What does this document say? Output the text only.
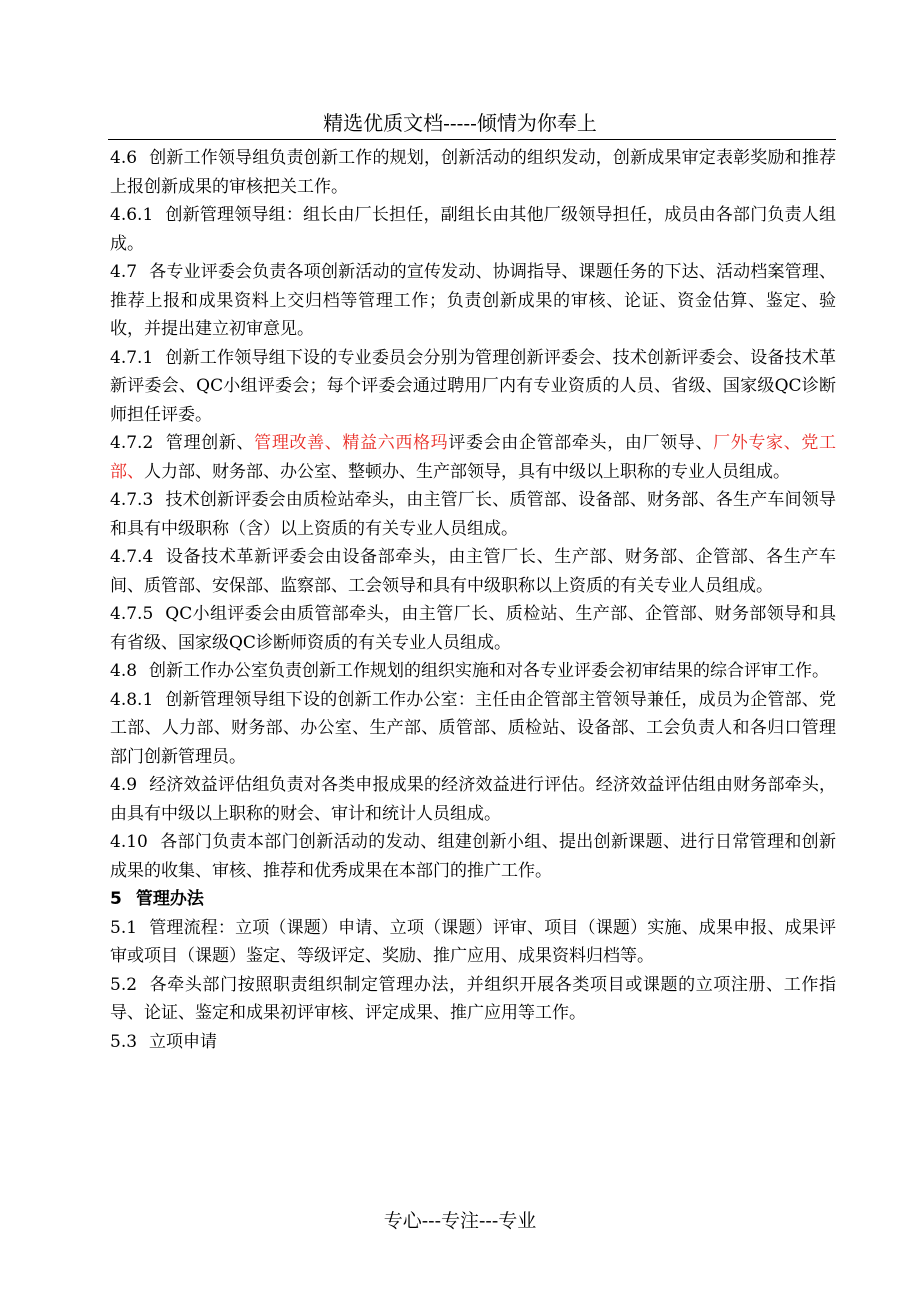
精选优质文档-----倾情为你奉上

4.6 创新工作领导组负责创新工作的规划，创新活动的组织发动，创新成果审定表彰奖励和推荐上报创新成果的审核把关工作。

4.6.1 创新管理领导组：组长由厂长担任，副组长由其他厂级领导担任，成员由各部门负责人组成。

4.7 各专业评委会负责各项创新活动的宣传发动、协调指导、课题任务的下达、活动档案管理、推荐上报和成果资料上交归档等管理工作；负责创新成果的审核、论证、资金估算、鉴定、验收，并提出建立初审意见。

4.7.1 创新工作领导组下设的专业委员会分别为管理创新评委会、技术创新评委会、设备技术革新评委会、QC小组评委会；每个评委会通过聘用厂内有专业资质的人员、省级、国家级QC诊断师担任评委。

4.7.2 管理创新、管理改善、精益六西格玛评委会由企管部牵头，由厂领导、厂外专家、党工部、人力部、财务部、办公室、整顿办、生产部领导，具有中级以上职称的专业人员组成。

4.7.3 技术创新评委会由质检站牵头，由主管厂长、质管部、设备部、财务部、各生产车间领导和具有中级职称（含）以上资质的有关专业人员组成。

4.7.4 设备技术革新评委会由设备部牵头，由主管厂长、生产部、财务部、企管部、各生产车间、质管部、安保部、监察部、工会领导和具有中级职称以上资质的有关专业人员组成。

4.7.5 QC小组评委会由质管部牵头，由主管厂长、质检站、生产部、企管部、财务部领导和具有省级、国家级QC诊断师资质的有关专业人员组成。

4.8 创新工作办公室负责创新工作规划的组织实施和对各专业评委会初审结果的综合评审工作。

4.8.1 创新管理领导组下设的创新工作办公室：主任由企管部主管领导兼任，成员为企管部、党工部、人力部、财务部、办公室、生产部、质管部、质检站、设备部、工会负责人和各归口管理部门创新管理员。

4.9 经济效益评估组负责对各类申报成果的经济效益进行评估。经济效益评估组由财务部牵头，由具有中级以上职称的财会、审计和统计人员组成。

4.10 各部门负责本部门创新活动的发动、组建创新小组、提出创新课题、进行日常管理和创新成果的收集、审核、推荐和优秀成果在本部门的推广工作。

5 管理办法

5.1 管理流程：立项（课题）申请、立项（课题）评审、项目（课题）实施、成果申报、成果评审或项目（课题）鉴定、等级评定、奖励、推广应用、成果资料归档等。

5.2 各牵头部门按照职责组织制定管理办法，并组织开展各类项目或课题的立项注册、工作指导、论证、鉴定和成果初评审核、评定成果、推广应用等工作。

5.3 立项申请

专心---专注---专业
